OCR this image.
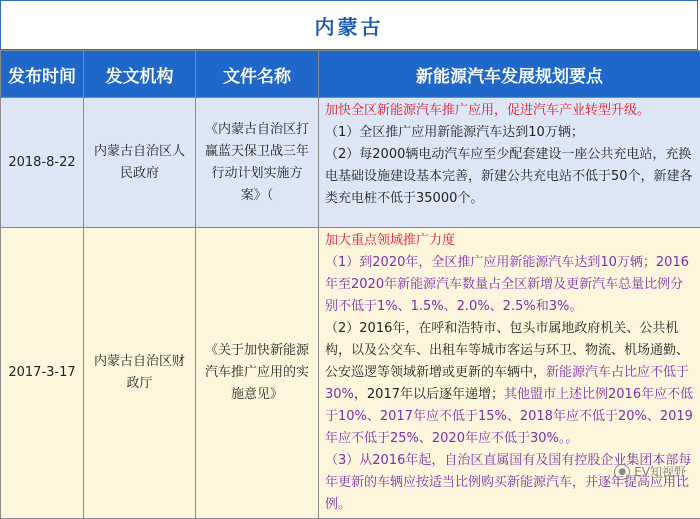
内蒙古
发布时间	发文机构	文件名称	新能源汽车发展规划要点
2018-8-22	内蒙古自治区人民政府	《内蒙古自治区打赢蓝天保卫战三年行动计划实施方案》（	加快全区新能源汽车推广应用，促进汽车产业转型升级。
（1）全区推广应用新能源汽车达到10万辆；
（2）每2000辆电动汽车应至少配套建设一座公共充电站，充换电基础设施建设基本完善，新建公共充电站不低于50个，新建各类充电桩不低于35000个。

2017-3-17	内蒙古自治区财政厅	《关于加快新能源汽车推广应用的实施意见》	加大重点领域推广力度
（1）到2020年，全区推广应用新能源汽车达到10万辆；2016年至2020年新能源汽车数量占全区新增及更新汽车总量比例分别不低于1%、1.5%、2.0%、2.5%和3%。
（2）2016年，在呼和浩特市、包头市属地政府机关、公共机构，以及公交车、出租车等城市客运与环卫、物流、机场通勤、公安巡逻等领域新增或更新的车辆中，新能源汽车占比应不低于30%，2017年以后逐年递增；其他盟市上述比例2016年应不低于10%、2017年应不低于15%、2018年应不低于20%、2019年应不低于25%、2020年应不低于30%。。
（3）从2016年起，自治区直属国有及国有控股企业集团本部每年更新的车辆应按适当比例购买新能源汽车，并逐年提高应用比例。
● EV知视野
